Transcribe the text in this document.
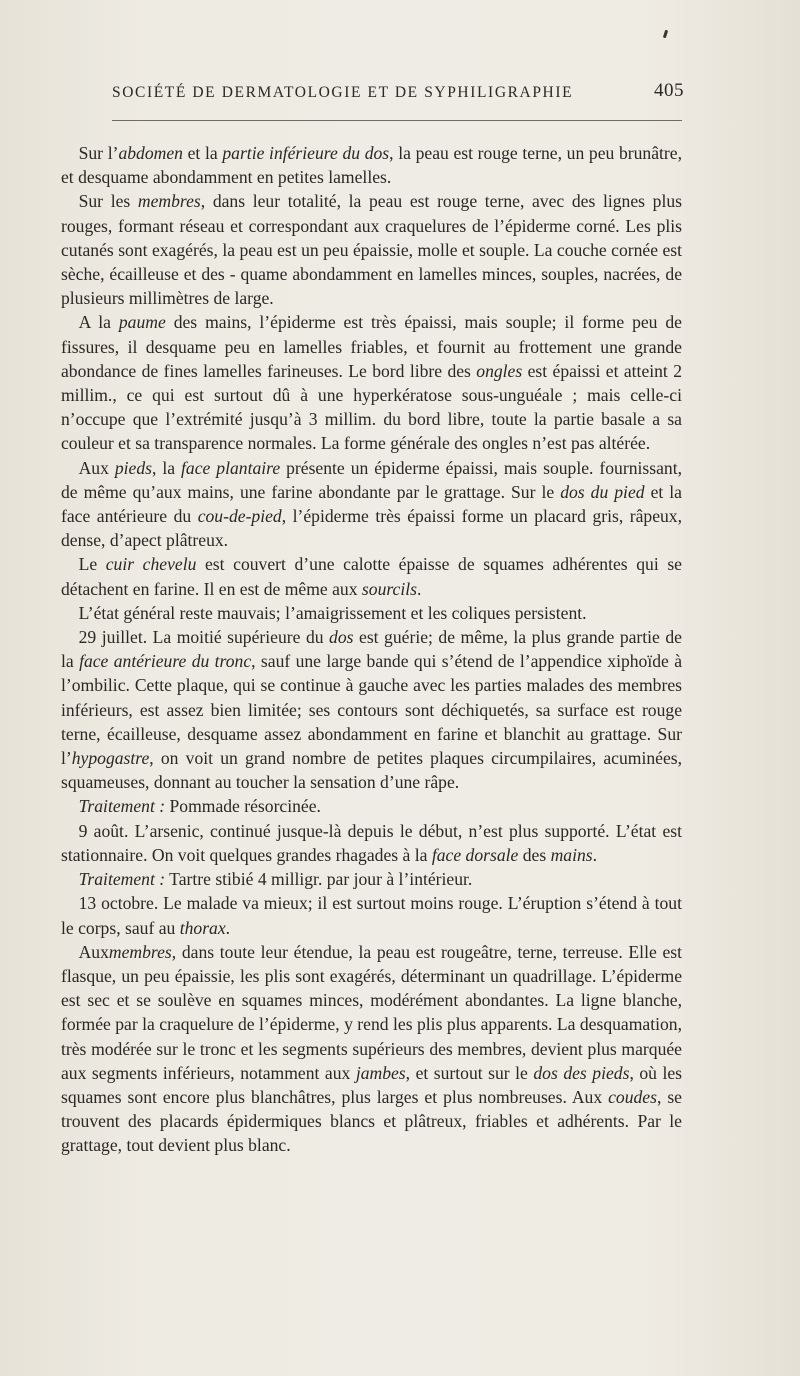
SOCIÉTÉ DE DERMATOLOGIE ET DE SYPHILIGRAPHIE	405

 Sur l’abdomen et la partie inférieure du dos, la peau est rouge terne, un peu brunâtre, et desquame abondamment en petites lamelles.

 Sur les membres, dans leur totalité, la peau est rouge terne, avec des lignes plus rouges, formant réseau et correspondant aux craquelures de l’épiderme corné. Les plis cutanés sont exagérés, la peau est un peu épaissie, molle et souple. La couche cornée est sèche, écailleuse et des - quame abondamment en lamelles minces, souples, nacrées, de plusieurs millimètres de large.

 A la paume des mains, l’épiderme est très épaissi, mais souple; il forme peu de fissures, il desquame peu en lamelles friables, et fournit au frottement une grande abondance de fines lamelles farineuses. Le bord libre des ongles est épaissi et atteint 2 millim., ce qui est surtout dû à une hyperkératose sous-unguéale ; mais celle-ci n’occupe que l’extrémité jusqu’à 3 millim. du bord libre, toute la partie basale a sa couleur et sa transparence normales. La forme générale des ongles n’est pas altérée.

 Aux pieds, la face plantaire présente un épiderme épaissi, mais souple. fournissant, de même qu’aux mains, une farine abondante par le grattage. Sur le dos du pied et la face antérieure du cou-de-pied, l’épiderme très épaissi forme un placard gris, râpeux, dense, d’apect plâtreux.

 Le cuir chevelu est couvert d’une calotte épaisse de squames adhérentes qui se détachent en farine. Il en est de même aux sourcils.

 L’état général reste mauvais; l’amaigrissement et les coliques persistent.

 29 juillet. La moitié supérieure du dos est guérie; de même, la plus grande partie de la face antérieure du tronc, sauf une large bande qui s’étend de l’appendice xiphoïde à l’ombilic. Cette plaque, qui se continue à gauche avec les parties malades des membres inférieurs, est assez bien limitée; ses contours sont déchiquetés, sa surface est rouge terne, écailleuse, desquame assez abondamment en farine et blanchit au grattage. Sur l’hypogastre, on voit un grand nombre de petites plaques circumpilaires, acuminées, squameuses, donnant au toucher la sensation d’une râpe.

 Traitement : Pommade résorcinée.

 9 août. L’arsenic, continué jusque-là depuis le début, n’est plus supporté. L’état est stationnaire. On voit quelques grandes rhagades à la face dorsale des mains.

 Traitement : Tartre stibié 4 milligr. par jour à l’intérieur.

 13 octobre. Le malade va mieux; il est surtout moins rouge. L’éruption s’étend à tout le corps, sauf au thorax.

 Auxmembres, dans toute leur étendue, la peau est rougeâtre, terne, terreuse. Elle est flasque, un peu épaissie, les plis sont exagérés, déterminant un quadrillage. L’épiderme est sec et se soulève en squames minces, modérément abondantes. La ligne blanche, formée par la craquelure de l’épiderme, y rend les plis plus apparents. La desquamation, très modérée sur le tronc et les segments supérieurs des membres, devient plus marquée aux segments inférieurs, notamment aux jambes, et surtout sur le dos des pieds, où les squames sont encore plus blanchâtres, plus larges et plus nombreuses. Aux coudes, se trouvent des placards épidermiques blancs et plâtreux, friables et adhérents. Par le grattage, tout devient plus blanc.
